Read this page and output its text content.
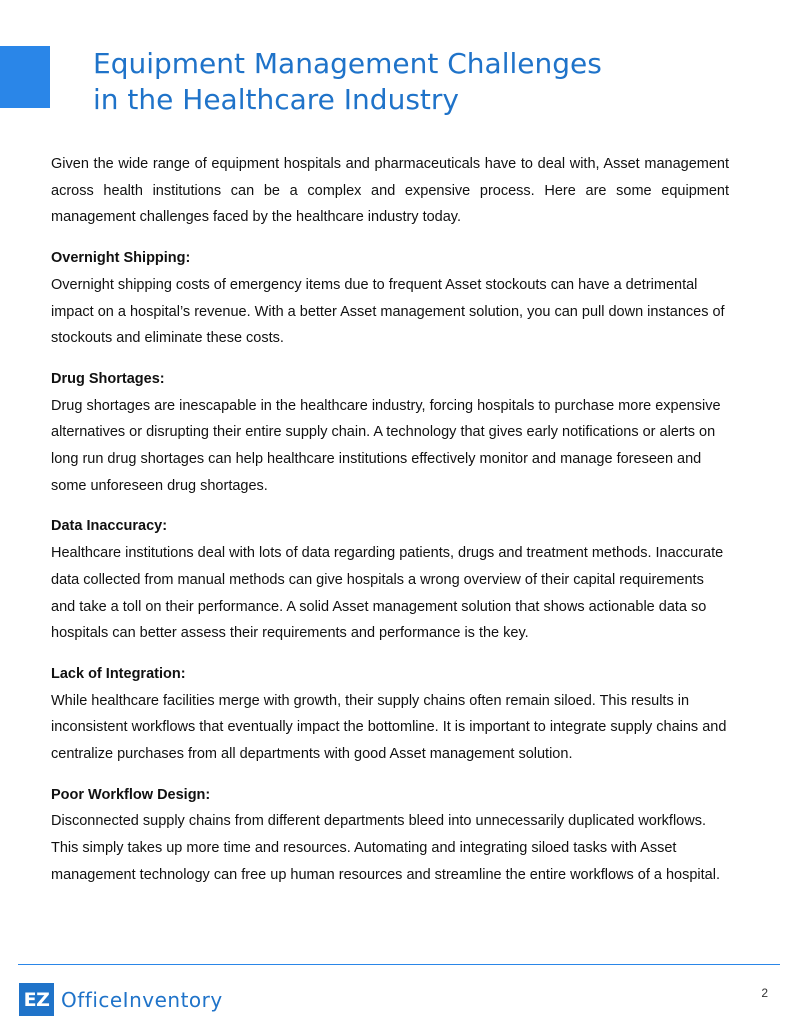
Equipment Management Challenges
in the Healthcare Industry

Given the wide range of equipment hospitals and pharmaceuticals have to deal with, Asset management across health institutions can be a complex and expensive process. Here are some equipment management challenges faced by the healthcare industry today.

Overnight Shipping:

Overnight shipping costs of emergency items due to frequent Asset stockouts can have a detrimental impact on a hospital’s revenue. With a better Asset management solution, you can pull down instances of stockouts and eliminate these costs.

Drug Shortages:

Drug shortages are inescapable in the healthcare industry, forcing hospitals to purchase more expensive alternatives or disrupting their entire supply chain. A technology that gives early notifications or alerts on long run drug shortages can help healthcare institutions effectively monitor and manage foreseen and some unforeseen drug shortages.

Data Inaccuracy:

Healthcare institutions deal with lots of data regarding patients, drugs and treatment methods. Inaccurate data collected from manual methods can give hospitals a wrong overview of their capital requirements and take a toll on their performance. A solid Asset management solution that shows actionable data so hospitals can better assess their requirements and performance is the key.

Lack of Integration:

While healthcare facilities merge with growth, their supply chains often remain siloed. This results in inconsistent workflows that eventually impact the bottomline. It is important to integrate supply chains and centralize purchases from all departments with good Asset management solution.

Poor Workflow Design:

Disconnected supply chains from different departments bleed into unnecessarily duplicated workflows. This simply takes up more time and resources. Automating and integrating siloed tasks with Asset management technology can free up human resources and streamline the entire workflows of a hospital.

EZ OfficeInventory	2
